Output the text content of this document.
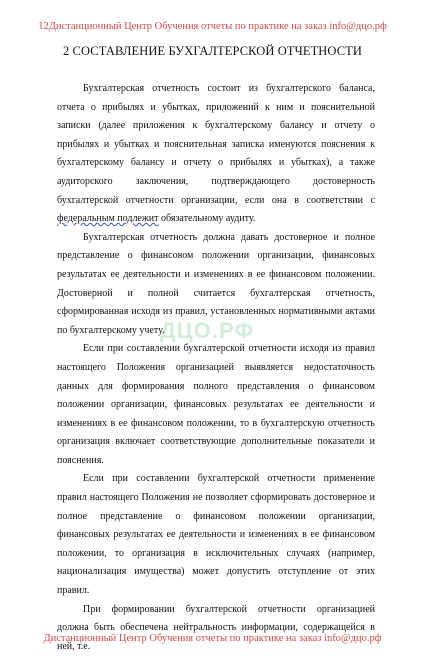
12Дистанционный Центр Обучения отчеты по практике на заказ info@дцо.рф
2 СОСТАВЛЕНИЕ БУХГАЛТЕРСКОЙ ОТЧЕТНОСТИ
ДЦО.РФ

Бухгалтерская отчетность состоит из бухгалтерского баланса, отчета о прибылях и убытках, приложений к ним и пояснительной записки (далее приложения к бухгалтерскому балансу и отчету о прибылях и убытках и пояснительная записка именуются пояснения к бухгалтерскому балансу и отчету о прибылях и убытках), а также аудиторского заключения, подтверждающего достоверность бухгалтерской отчетности организации, если она в соответствии с федеральным подлежит обязательному аудиту.

Бухгалтерская отчетность должна давать достоверное и полное представление о финансовом положении организации, финансовых результатах ее деятельности и изменениях в ее финансовом положении. Достоверной и полной считается бухгалтерская отчетность, сформированная исходя из правил, установленных нормативными актами по бухгалтерскому учету.

Если при составлении бухгалтерской отчетности исходя из правил настоящего Положения организацией выявляется недостаточность данных для формирования полного представления о финансовом положении организации, финансовых результатах ее деятельности и изменениях в ее финансовом положении, то в бухгалтерскую отчетность организация включает соответствующие дополнительные показатели и пояснения.

Если при составлении бухгалтерской отчетности применение правил настоящего Положения не позволяет сформировать достоверное и полное представление о финансовом положении организации, финансовых результатах ее деятельности и изменениях в ее финансовом положении, то организация в исключительных случаях (например, национализация имущества) может допустить отступление от этих правил.

При формировании бухгалтерской отчетности организацией должна быть обеспечена нейтральность информации, содержащейся в ней, т.е.

Дистанционный Центр Обучения отчеты по практике на заказ info@дцо.рф
